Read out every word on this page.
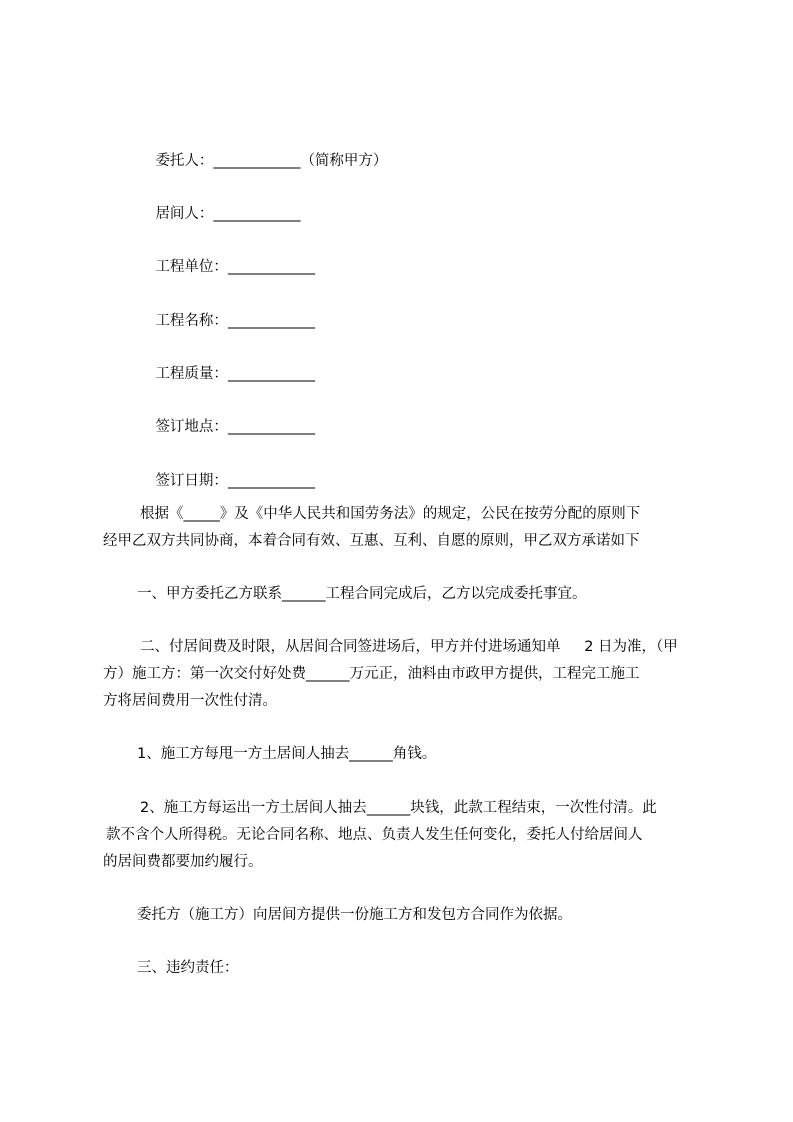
委托人：____________（简称甲方）

居间人：____________

工程单位：____________

工程名称：____________

工程质量：____________

签订地点：____________

签订日期：____________

根据《_____》及《中华人民共和国劳务法》的规定，公民在按劳分配的原则下
经甲乙双方共同协商，本着合同有效、互惠、互利、自愿的原则，甲乙双方承诺如下
一、甲方委托乙方联系______工程合同完成后，乙方以完成委托事宜。
二、付居间费及时限，从居间合同签进场后，甲方并付进场通知单　  2 日为准，（甲
方）施工方：第一次交付好处费______万元正，油料由市政甲方提供，工程完工施工
方将居间费用一次性付清。
1、施工方每甩一方土居间人抽去______角钱。
2、施工方每运出一方土居间人抽去______块钱，此款工程结束，一次性付清。此
款不含个人所得税。无论合同名称、地点、负责人发生任何变化，委托人付给居间人
的居间费都要加约履行。
委托方（施工方）向居间方提供一份施工方和发包方合同作为依据。
三、违约责任：
